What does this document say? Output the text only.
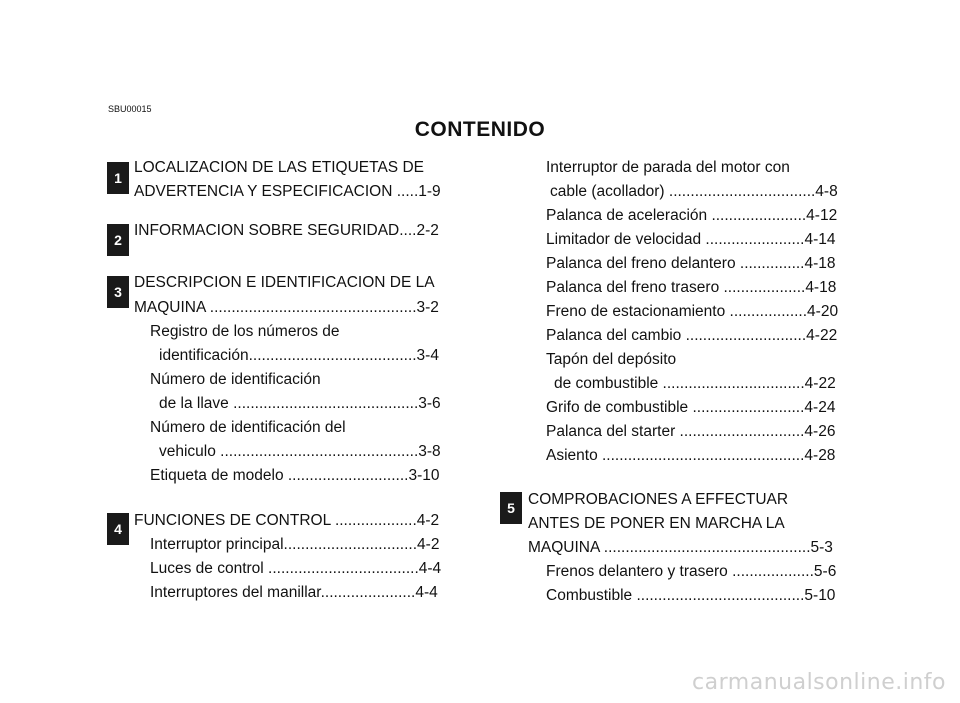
SBU00015
CONTENIDO
1
2
3
4
5
LOCALIZACION DE LAS ETIQUETAS DE
ADVERTENCIA Y ESPECIFICACION .....1-9
INFORMACION SOBRE SEGURIDAD....2-2
DESCRIPCION E IDENTIFICACION DE LA
MAQUINA ................................................3-2
Registro de los números de
identificación.......................................3-4
Número de identificación
de la llave ...........................................3-6
Número de identificación del
vehiculo ..............................................3-8
Etiqueta de modelo ............................3-10
FUNCIONES DE CONTROL ...................4-2
Interruptor principal...............................4-2
Luces de control ...................................4-4
Interruptores del manillar......................4-4
Interruptor de parada del motor con
cable (acollador) ..................................4-8
Palanca de aceleración ......................4-12
Limitador de velocidad .......................4-14
Palanca del freno delantero ...............4-18
Palanca del freno trasero ...................4-18
Freno de estacionamiento ..................4-20
Palanca del cambio ............................4-22
Tapón del depósito
de combustible .................................4-22
Grifo de combustible ..........................4-24
Palanca del starter .............................4-26
Asiento ...............................................4-28
COMPROBACIONES A EFFECTUAR
ANTES DE PONER EN MARCHA LA
MAQUINA ................................................5-3
Frenos delantero y trasero ...................5-6
Combustible .......................................5-10
carmanualsonline.info
